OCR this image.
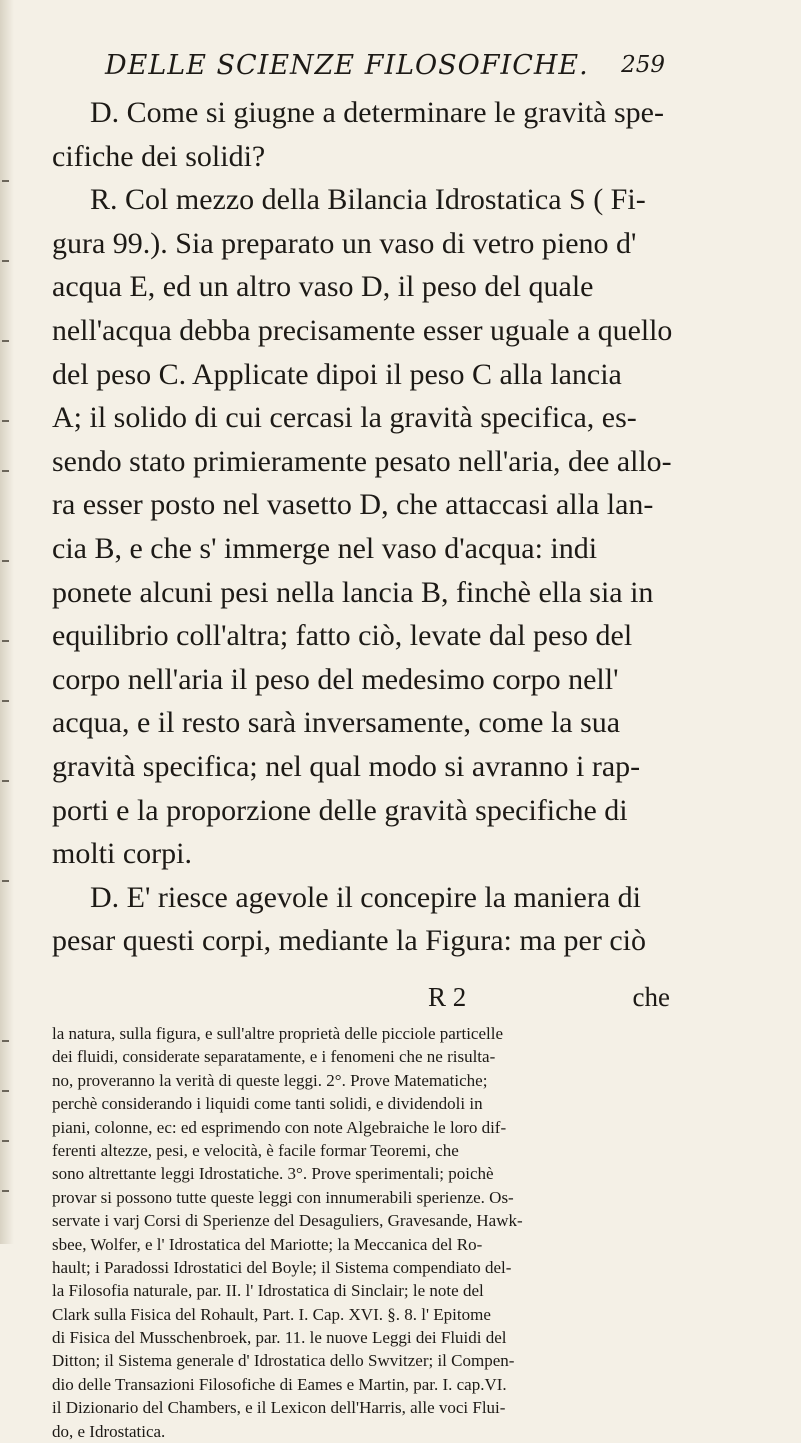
DELLE SCIENZE FILOSOFICHE. 259
D. Come si giugne a determinare le gravità spe-
cifiche dei solidi?
R. Col mezzo della Bilancia Idrostatica S ( Fi-
gura 99.). Sia preparato un vaso di vetro pieno d'
acqua E, ed un altro vaso D, il peso del quale
nell'acqua debba precisamente esser uguale a quello
del peso C. Applicate dipoi il peso C alla lancia
A; il solido di cui cercasi la gravità specifica, es-
sendo stato primieramente pesato nell'aria, dee allo-
ra esser posto nel vasetto D, che attaccasi alla lan-
cia B, e che s' immerge nel vaso d'acqua: indi
ponete alcuni pesi nella lancia B, finchè ella sia in
equilibrio coll'altra; fatto ciò, levate dal peso del
corpo nell'aria il peso del medesimo corpo nell'
acqua, e il resto sarà inversamente, come la sua
gravità specifica; nel qual modo si avranno i rap-
porti e la proporzione delle gravità specifiche di
molti corpi.
D. E' riesce agevole il concepire la maniera di
pesar questi corpi, mediante la Figura: ma per ciò
R 2	che
la natura, sulla figura, e sull'altre proprietà delle picciole particelle
dei fluidi, considerate separatamente, e i fenomeni che ne risulta-
no, proveranno la verità di queste leggi. 2°. Prove Matematiche;
perchè considerando i liquidi come tanti solidi, e dividendoli in
piani, colonne, ec: ed esprimendo con note Algebraiche le loro dif-
ferenti altezze, pesi, e velocità, è facile formar Teoremi, che
sono altrettante leggi Idrostatiche. 3°. Prove sperimentali; poichè
provar si possono tutte queste leggi con innumerabili sperienze. Os-
servate i varj Corsi di Sperienze del Desaguliers, Gravesande, Hawk-
sbee, Wolfer, e l' Idrostatica del Mariotte; la Meccanica del Ro-
hault; i Paradossi Idrostatici del Boyle; il Sistema compendiato del-
la Filosofia naturale, par. II. l' Idrostatica di Sinclair; le note del
Clark sulla Fisica del Rohault, Part. I. Cap. XVI. §. 8. l' Epitome
di Fisica del Musschenbroek, par. 11. le nuove Leggi dei Fluidi del
Ditton; il Sistema generale d' Idrostatica dello Swvitzer; il Compen-
dio delle Transazioni Filosofiche di Eames e Martin, par. I. cap.VI.
il Dizionario del Chambers, e il Lexicon dell'Harris, alle voci Flui-
do, e Idrostatica.
